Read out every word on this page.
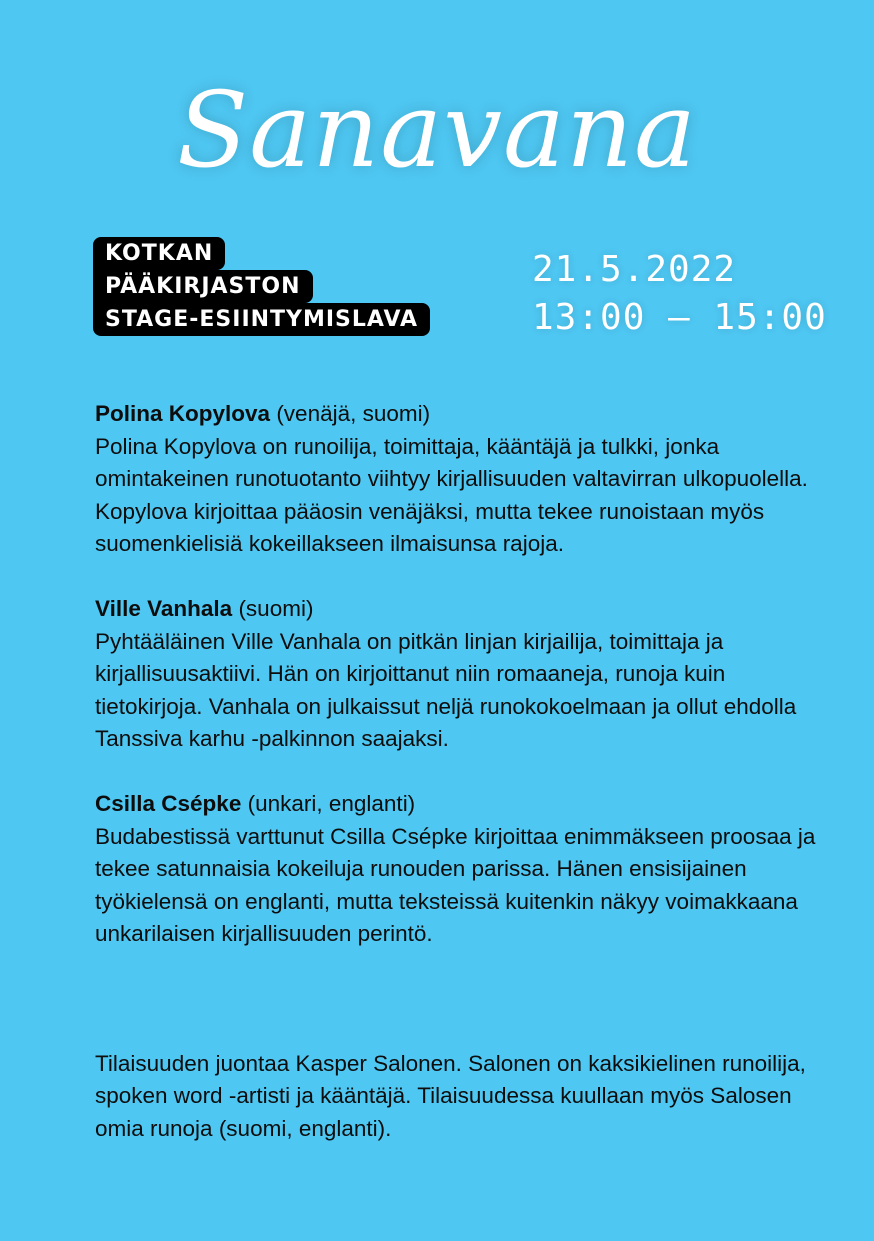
Sanavana
KOTKAN
PÄÄKIRJASTON
STAGE-ESIINTYMISLAVA
21.5.2022
13:00 – 15:00

Polina Kopylova (venäjä, suomi)

Polina Kopylova on runoilija, toimittaja, kääntäjä ja tulkki, jonka omintakeinen runotuotanto viihtyy kirjallisuuden valtavirran ulkopuolella. Kopylova kirjoittaa pääosin venäjäksi, mutta tekee runoistaan myös suomenkielisiä kokeillakseen ilmaisunsa rajoja.

Ville Vanhala (suomi)

Pyhtääläinen Ville Vanhala on pitkän linjan kirjailija, toimittaja ja kirjallisuusaktiivi. Hän on kirjoittanut niin romaaneja, runoja kuin tietokirjoja. Vanhala on julkaissut neljä runokokoelmaan ja ollut ehdolla Tanssiva karhu -palkinnon saajaksi.

Csilla Csépke (unkari, englanti)

Budabestissä varttunut Csilla Csépke kirjoittaa enimmäkseen proosaa ja tekee satunnaisia kokeiluja runouden parissa. Hänen ensisijainen työkielensä on englanti, mutta teksteissä kuitenkin näkyy voimakkaana unkarilaisen kirjallisuuden perintö.

Tilaisuuden juontaa Kasper Salonen. Salonen on kaksikielinen runoilija, spoken word -artisti ja kääntäjä. Tilaisuudessa kuullaan myös Salosen omia runoja (suomi, englanti).
